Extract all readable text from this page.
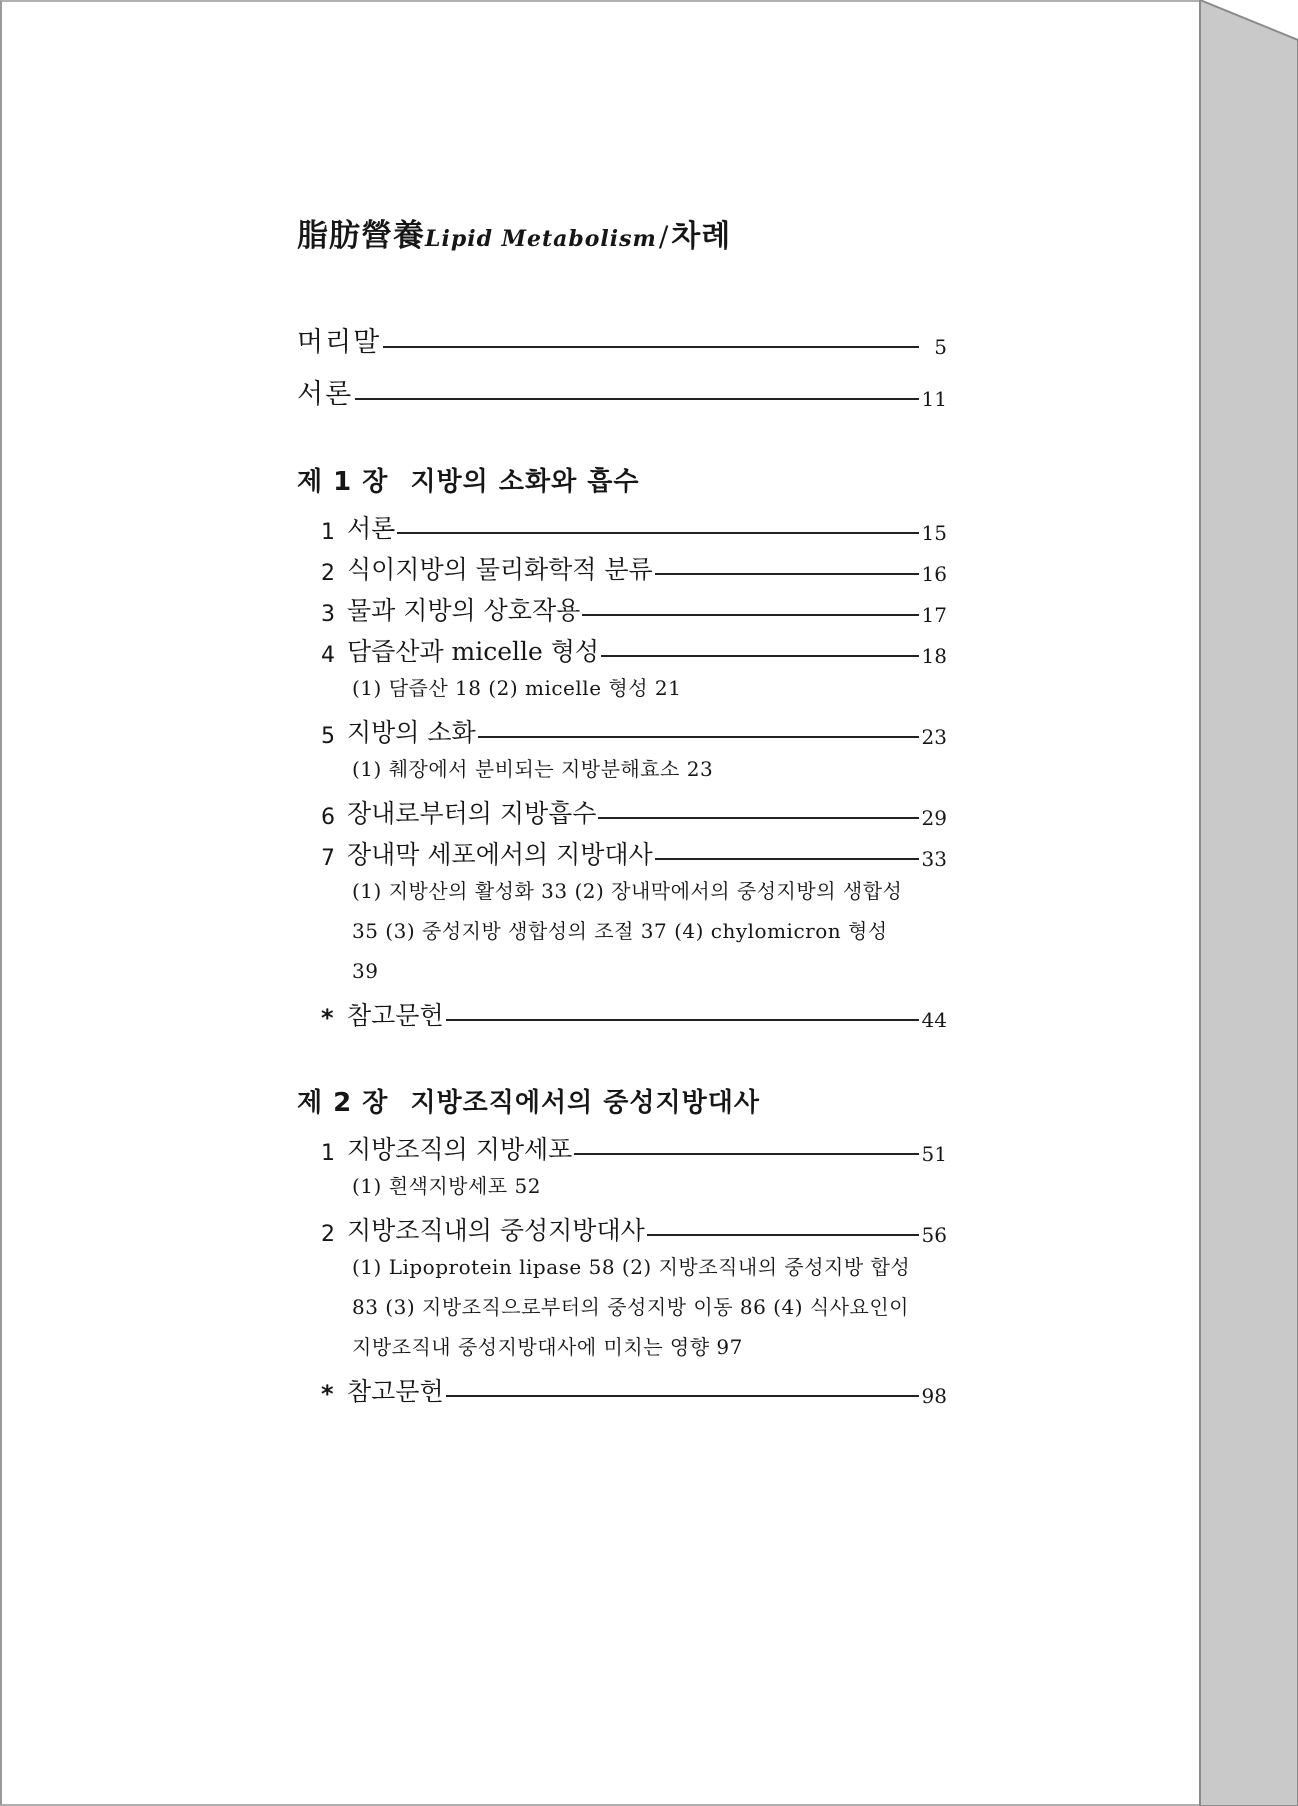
脂肪營養Lipid Metabolism/차례
머리말	5
서론	11
제 1 장 지방의 소화와 흡수
1 서론	15
2 식이지방의 물리화학적 분류	16
3 물과 지방의 상호작용	17
4 담즙산과 micelle 형성	18
(1) 담즙산 18 (2) micelle 형성 21
5 지방의 소화	23
(1) 췌장에서 분비되는 지방분해효소 23
6 장내로부터의 지방흡수	29
7 장내막 세포에서의 지방대사	33
(1) 지방산의 활성화 33 (2) 장내막에서의 중성지방의 생합성 35 (3) 중성지방 생합성의 조절 37 (4) chylomicron 형성 39
* 참고문헌	44
제 2 장 지방조직에서의 중성지방대사
1 지방조직의 지방세포	51
(1) 흰색지방세포 52
2 지방조직내의 중성지방대사	56
(1) Lipoprotein lipase 58 (2) 지방조직내의 중성지방 합성 83 (3) 지방조직으로부터의 중성지방 이동 86 (4) 식사요인이 지방조직내 중성지방대사에 미치는 영향 97
* 참고문헌	98
